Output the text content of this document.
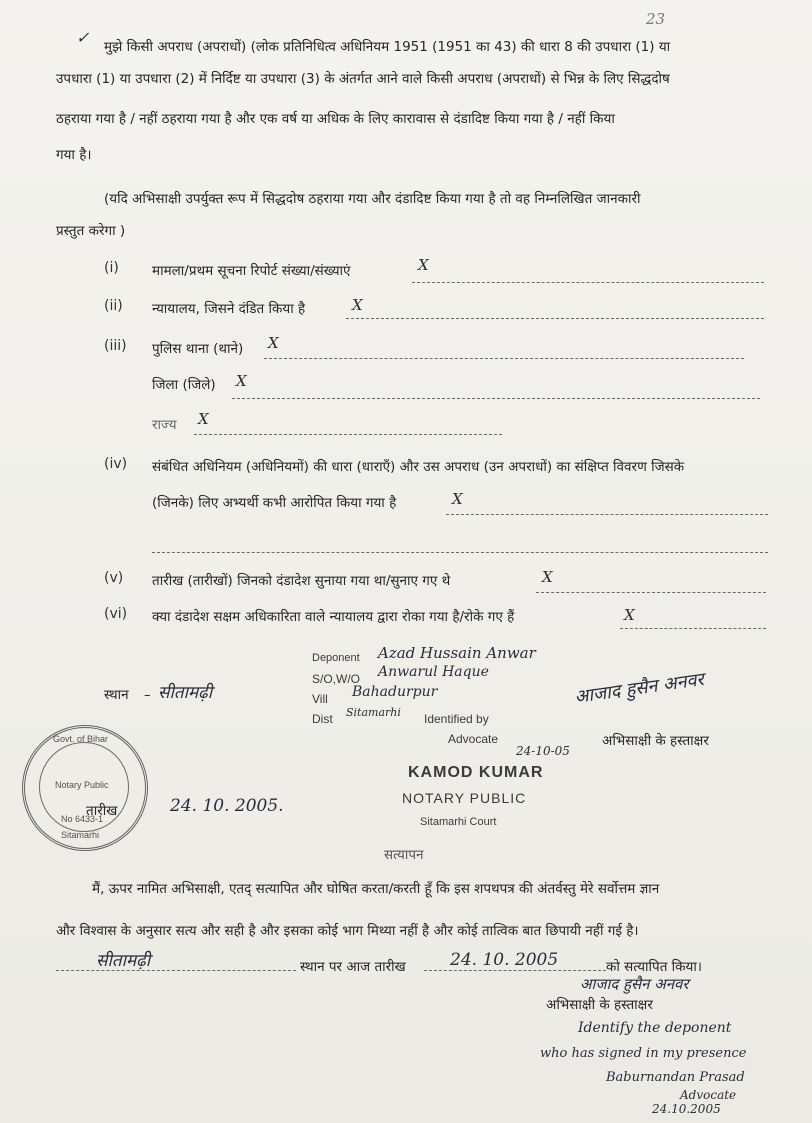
23
✓ मुझे किसी अपराध (अपराधों) (लोक प्रतिनिधित्व अधिनियम 1951 (1951 का 43) की धारा 8 की उपधारा (1) या
उपधारा (1) या उपधारा (2) में निर्दिष्ट या उपधारा (3) के अंतर्गत आने वाले किसी अपराध (अपराधों) से भिन्न के लिए सिद्धदोष
ठहराया गया है / नहीं ठहराया गया है और एक वर्ष या अधिक के लिए कारावास से दंडादिष्ट किया गया है / नहीं किया
गया है।
(यदि अभिसाक्षी उपर्युक्त रूप में सिद्धदोष ठहराया गया और दंडादिष्ट किया गया है तो वह निम्नलिखित जानकारी
प्रस्तुत करेगा )
(i) मामला/प्रथम सूचना रिपोर्ट संख्या/संख्याएं	X
(ii) न्यायालय, जिसने दंडित किया है	X
(iii) पुलिस थाना (थाने) X
जिला (जिले) X
राज्य X
(iv) संबंधित अधिनियम (अधिनियमों) की धारा (धाराएँ) और उस अपराध (उन अपराधों) का संक्षिप्त विवरण जिसके
(जिनके) लिए अभ्यर्थी कभी आरोपित किया गया है	X
(v) तारीख (तारीखों) जिनको दंडादेश सुनाया गया था/सुनाए गए थे	X
(vi) क्या दंडादेश सक्षम अधिकारिता वाले न्यायालय द्वारा रोका गया है/रोके गए हैं	X
Deponent Azad Hussain Anwar
S/O,W/O Anwarul Haque
Vill Bahadurpur
Dist Sitamarhi Identified by
Advocate
24-10-05
स्थान – सीतामढ़ी	आजाद हुसैन अनवर
अभिसाक्षी के हस्ताक्षर
KAMOD KUMAR
NOTARY PUBLIC
Sitamarhi Court
Govt. of Bihar
Notary Public
No 6433-1
Sitamarhi
तारीख	24. 10. 2005.
सत्यापन
मैं, ऊपर नामित अभिसाक्षी, एतद् सत्यापित और घोषित करता/करती हूँ कि इस शपथपत्र की अंतर्वस्तु मेरे सर्वोत्तम ज्ञान
और विश्वास के अनुसार सत्य और सही है और इसका कोई भाग मिथ्या नहीं है और कोई तात्विक बात छिपायी नहीं गई है।
सीतामढ़ी	स्थान पर आज तारीख	24. 10. 2005	को सत्यापित किया।
आजाद हुसैन अनवर
अभिसाक्षी के हस्ताक्षर
Identify the deponent
who has signed in my presence
Baburnandan Prasad
Advocate
24.10.2005
